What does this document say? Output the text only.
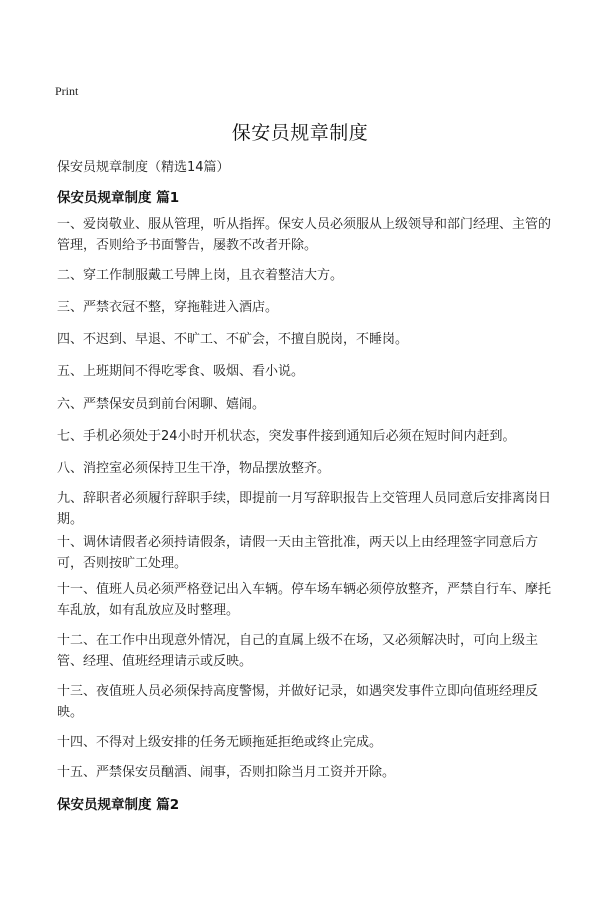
Print
保安员规章制度
保安员规章制度（精选14篇）
保安员规章制度 篇1
一、爱岗敬业、服从管理，听从指挥。保安人员必须服从上级领导和部门经理、主管的管理，否则给予书面警告，屡教不改者开除。
二、穿工作制服戴工号牌上岗，且衣着整洁大方。
三、严禁衣冠不整，穿拖鞋进入酒店。
四、不迟到、早退、不旷工、不矿会，不擅自脱岗，不睡岗。
五、上班期间不得吃零食、吸烟、看小说。
六、严禁保安员到前台闲聊、嬉闹。
七、手机必须处于24小时开机状态，突发事件接到通知后必须在短时间内赶到。
八、消控室必须保持卫生干净，物品摆放整齐。
九、辞职者必须履行辞职手续，即提前一月写辞职报告上交管理人员同意后安排离岗日期。
十、调休请假者必须持请假条，请假一天由主管批准，两天以上由经理签字同意后方可，否则按旷工处理。
十一、值班人员必须严格登记出入车辆。停车场车辆必须停放整齐，严禁自行车、摩托车乱放，如有乱放应及时整理。
十二、在工作中出现意外情况，自己的直属上级不在场，又必须解决时，可向上级主管、经理、值班经理请示或反映。
十三、夜值班人员必须保持高度警惕，并做好记录，如遇突发事件立即向值班经理反映。
十四、不得对上级安排的任务无顾拖延拒绝或终止完成。
十五、严禁保安员酗酒、闹事，否则扣除当月工资并开除。
保安员规章制度 篇2
